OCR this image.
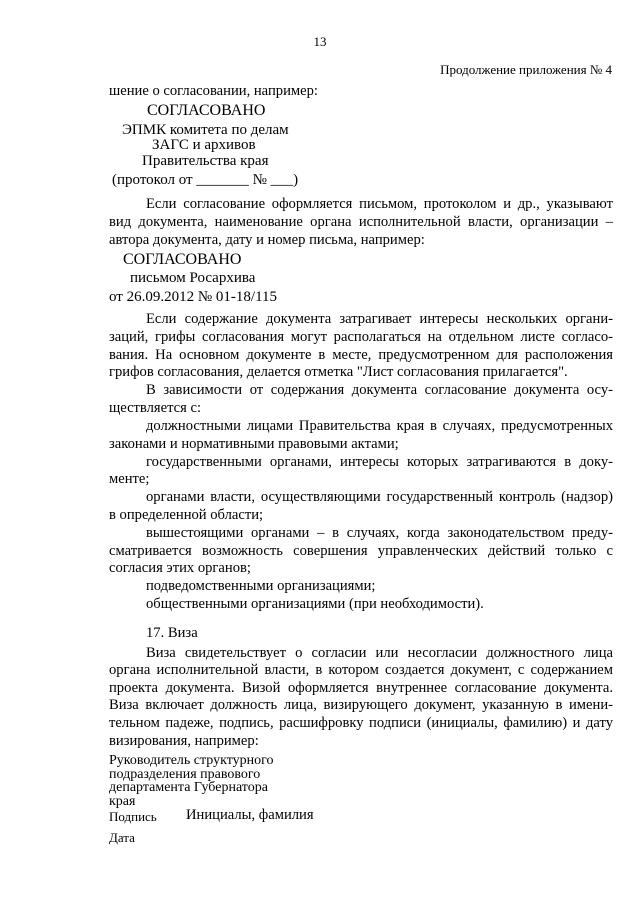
13
Продолжение приложения № 4
шение о согласовании, например:
СОГЛАСОВАНО
ЭПМК комитета по делам
ЗАГС и архивов
Правительства края
(протокол от _______ № ___)
Если согласование оформляется письмом, протоколом и др., указывают
вид документа, наименование органа исполнительной власти, организации –
автора документа, дату и номер письма, например:
СОГЛАСОВАНО
письмом Росархива
от 26.09.2012 № 01-18/115
Если содержание документа затрагивает интересы нескольких органи-
заций, грифы согласования могут располагаться на отдельном листе согласо-
вания. На основном документе в месте, предусмотренном для расположения
грифов согласования, делается отметка "Лист согласования прилагается".
В зависимости от содержания документа согласование документа осу-
ществляется с:
должностными лицами Правительства края в случаях, предусмотренных
законами и нормативными правовыми актами;
государственными органами, интересы которых затрагиваются в доку-
менте;
органами власти, осуществляющими государственный контроль (надзор)
в определенной области;
вышестоящими органами – в случаях, когда законодательством преду-
сматривается возможность совершения управленческих действий только с
согласия этих органов;
подведомственными организациями;
общественными организациями (при необходимости).
17. Виза
Виза свидетельствует о согласии или несогласии должностного лица
органа исполнительной власти, в котором создается документ, с содержанием
проекта документа. Визой оформляется внутреннее согласование документа.
Виза включает должность лица, визирующего документ, указанную в имени-
тельном падеже, подпись, расшифровку подписи (инициалы, фамилию) и дату
визирования, например:
Руководитель структурного
подразделения правового
департамента Губернатора
края
Подпись Инициалы, фамилия
Дата
